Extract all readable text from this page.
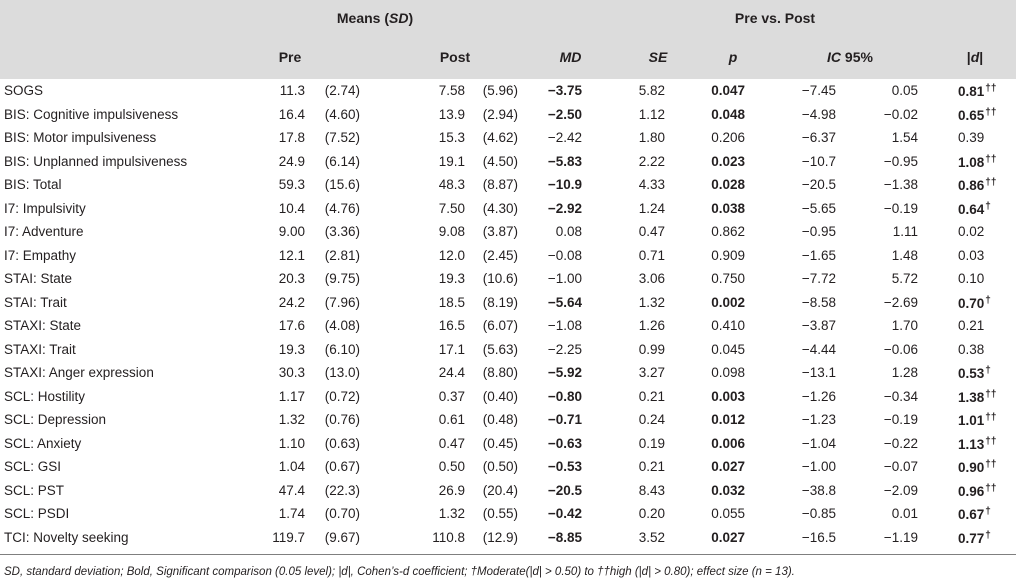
Means (SD)	Pre vs. Post
Pre	Post	MD	SE	p	IC 95%	|d|
SOGS	11.3 (2.74)	7.58 (5.96) −3.75	5.82	0.047	−7.45	0.05	0.81††
BIS: Cognitive impulsiveness	16.4 (4.60)	13.9 (2.94) −2.50	1.12	0.048	−4.98	−0.02	0.65††
BIS: Motor impulsiveness	17.8 (7.52)	15.3 (4.62) −2.42	1.80	0.206	−6.37	1.54	0.39
BIS: Unplanned impulsiveness	24.9 (6.14)	19.1 (4.50) −5.83	2.22	0.023	−10.7	−0.95	1.08††
BIS: Total	59.3 (15.6)	48.3 (8.87) −10.9	4.33	0.028	−20.5	−1.38	0.86††
I7: Impulsivity	10.4 (4.76)	7.50 (4.30) −2.92	1.24	0.038	−5.65	−0.19	0.64†
I7: Adventure	9.00 (3.36)	9.08 (3.87)	0.08	0.47	0.862	−0.95	1.11	0.02
I7: Empathy	12.1 (2.81)	12.0 (2.45) −0.08	0.71	0.909	−1.65	1.48	0.03
STAI: State	20.3 (9.75)	19.3 (10.6) −1.00	3.06	0.750	−7.72	5.72	0.10
STAI: Trait	24.2 (7.96)	18.5 (8.19) −5.64	1.32	0.002	−8.58	−2.69	0.70†
STAXI: State	17.6 (4.08)	16.5 (6.07) −1.08	1.26	0.410	−3.87	1.70	0.21
STAXI: Trait	19.3 (6.10)	17.1 (5.63) −2.25	0.99	0.045	−4.44	−0.06	0.38
STAXI: Anger expression	30.3 (13.0)	24.4 (8.80) −5.92	3.27	0.098	−13.1	1.28	0.53†
SCL: Hostility	1.17 (0.72)	0.37 (0.40) −0.80	0.21	0.003	−1.26	−0.34	1.38††
SCL: Depression	1.32 (0.76)	0.61 (0.48) −0.71	0.24	0.012	−1.23	−0.19	1.01††
SCL: Anxiety	1.10 (0.63)	0.47 (0.45) −0.63	0.19	0.006	−1.04	−0.22	1.13††
SCL: GSI	1.04 (0.67)	0.50 (0.50) −0.53	0.21	0.027	−1.00	−0.07	0.90††
SCL: PST	47.4 (22.3)	26.9 (20.4) −20.5	8.43	0.032	−38.8	−2.09	0.96††
SCL: PSDI	1.74 (0.70)	1.32 (0.55) −0.42	0.20	0.055	−0.85	0.01	0.67†
TCI: Novelty seeking	119.7 (9.67)	110.8 (12.9) −8.85	3.52	0.027	−16.5	−1.19	0.77†
SD, standard deviation; Bold, Significant comparison (0.05 level); |d|, Cohen’s-d coefficient; †Moderate(|d| > 0.50) to ††high (|d| > 0.80); effect size (n = 13).
